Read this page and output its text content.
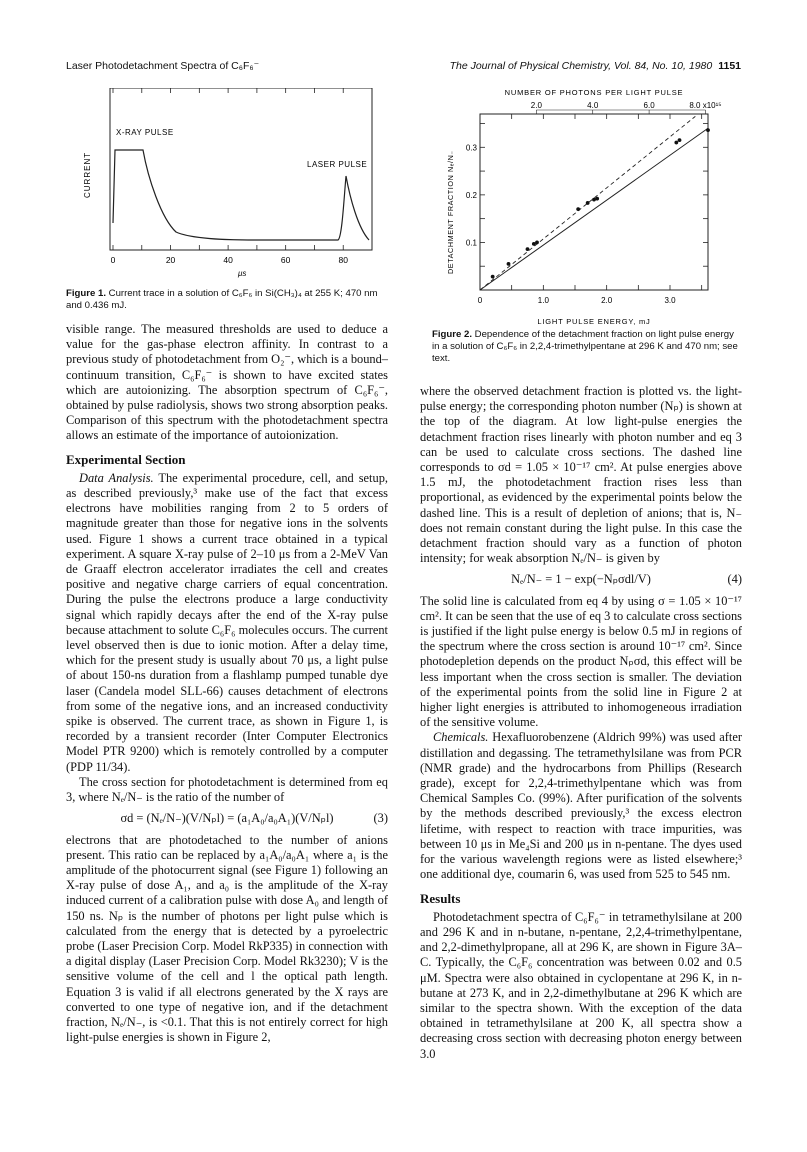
Laser Photodetachment Spectra of C₆F₆⁻	The Journal of Physical Chemistry, Vol. 84, No. 10, 1980 1151
CURRENT
X-RAY PULSE
LASER PULSE
0	20	40	60	80
μs
Figure 1. Current trace in a solution of C₆F₆ in Si(CH₃)₄ at 255 K; 470 nm and 0.436 mJ.
NUMBER OF PHOTONS PER LIGHT PULSE
2.0	4.0	6.0	8.0 x10¹⁵
DETACHMENT FRACTION Nₑ/N₋ 0.1
0.2
0.3
0	1.0	2.0	3.0
LIGHT PULSE ENERGY, mJ
Figure 2. Dependence of the detachment fraction on light pulse energy in a solution of C₆F₆ in 2,2,4-trimethylpentane at 296 K and 470 nm; see text.

visible range. The measured thresholds are used to deduce a value for the gas-phase electron affinity. In contrast to a previous study of photodetachment from O₂⁻, which is a bound–continuum transition, C₆F₆⁻ is shown to have excited states which are autoionizing. The absorption spectrum of C₆F₆⁻, obtained by pulse radiolysis, shows two strong absorption peaks. Comparison of this spectrum with the photodetachment spectra allows an estimate of the importance of autoionization.

Experimental Section

Data Analysis. The experimental procedure, cell, and setup, as described previously,³ make use of the fact that excess electrons have mobilities ranging from 2 to 5 orders of magnitude greater than those for negative ions in the solvents used. Figure 1 shows a current trace obtained in a typical experiment. A square X-ray pulse of 2–10 μs from a 2-MeV Van de Graaff electron accelerator irradiates the cell and creates positive and negative charge carriers of equal concentration. During the pulse the electrons produce a large conductivity signal which rapidly decays after the end of the X-ray pulse because attachment to solute C₆F₆ molecules occurs. The current level observed then is due to ionic motion. After a delay time, which for the present study is usually about 70 μs, a light pulse of about 150-ns duration from a flashlamp pumped tunable dye laser (Candela model SLL-66) causes detachment of electrons from some of the negative ions, and an increased conductivity spike is observed. The current trace, as shown in Figure 1, is recorded by a transient recorder (Inter Computer Electronics Model PTR 9200) which is remotely controlled by a computer (PDP 11/34).

The cross section for photodetachment is determined from eq 3, where Nₑ/N₋ is the ratio of the number of

σd = (Nₑ/N₋)(V/Nₚl) = (a₁A₀/a₀A₁)(V/Nₚl)	(3)

electrons that are photodetached to the number of anions present. This ratio can be replaced by a₁A₀/a₀A₁ where a₁ is the amplitude of the photocurrent signal (see Figure 1) following an X-ray pulse of dose A₁, and a₀ is the amplitude of the X-ray induced current of a calibration pulse with dose A₀ and length of 150 ns. Nₚ is the number of photons per light pulse which is calculated from the energy that is detected by a pyroelectric probe (Laser Precision Corp. Model RkP335) in connection with a digital display (Laser Precision Corp. Model Rk3230); V is the sensitive volume of the cell and l the optical path length. Equation 3 is valid if all electrons generated by the X rays are converted to one type of negative ion, and if the detachment fraction, Nₑ/N₋, is <0.1. That this is not entirely correct for high light-pulse energies is shown in Figure 2,

where the observed detachment fraction is plotted vs. the light-pulse energy; the corresponding photon number (Nₚ) is shown at the top of the diagram. At low light-pulse energies the detachment fraction rises linearly with photon number and eq 3 can be used to calculate cross sections. The dashed line corresponds to σd = 1.05 × 10⁻¹⁷ cm². At pulse energies above 1.5 mJ, the photodetachment fraction rises less than proportional, as evidenced by the experimental points below the dashed line. This is a result of depletion of anions; that is, N₋ does not remain constant during the light pulse. In this case the detachment fraction should vary as a function of photon intensity; for weak absorption Nₑ/N₋ is given by

Nₑ/N₋ = 1 − exp(−Nₚσdl/V)	(4)

The solid line is calculated from eq 4 by using σ = 1.05 × 10⁻¹⁷ cm². It can be seen that the use of eq 3 to calculate cross sections is justified if the light pulse energy is below 0.5 mJ in regions of the spectrum where the cross section is around 10⁻¹⁷ cm². Since photodepletion depends on the product Nₚσd, this effect will be less important when the cross section is smaller. The deviation of the experimental points from the solid line in Figure 2 at higher light energies is attributed to inhomogeneous irradiation of the sensitive volume.

Chemicals. Hexafluorobenzene (Aldrich 99%) was used after distillation and degassing. The tetramethylsilane was from PCR (NMR grade) and the hydrocarbons from Phillips (Research grade), except for 2,2,4-trimethylpentane which was from Chemical Samples Co. (99%). After purification of the solvents by the methods described previously,³ the excess electron lifetime, with respect to reaction with trace impurities, was between 10 μs in Me₄Si and 200 μs in n-pentane. The dyes used for the various wavelength regions were as listed elsewhere;³ one additional dye, coumarin 6, was used from 525 to 545 nm.

Results

Photodetachment spectra of C₆F₆⁻ in tetramethylsilane at 200 and 296 K and in n-butane, n-pentane, 2,2,4-trimethylpentane, and 2,2-dimethylpropane, all at 296 K, are shown in Figure 3A–C. Typically, the C₆F₆ concentration was between 0.02 and 0.5 μM. Spectra were also obtained in cyclopentane at 296 K, in n-butane at 273 K, and in 2,2-dimethylbutane at 296 K which are similar to the spectra shown. With the exception of the data obtained in tetramethylsilane at 200 K, all spectra show a decreasing cross section with decreasing photon energy between 3.0
